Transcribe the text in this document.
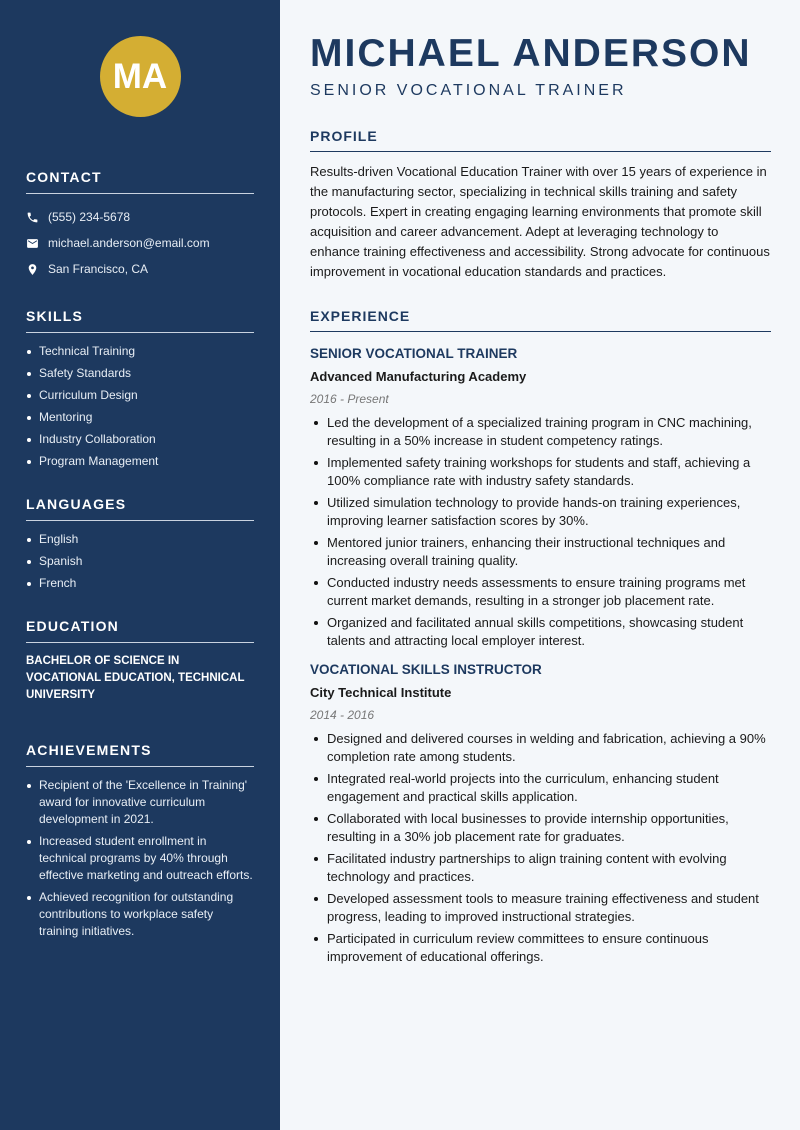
MA
CONTACT
(555) 234-5678
michael.anderson@email.com
San Francisco, CA
SKILLS
Technical Training
Safety Standards
Curriculum Design
Mentoring
Industry Collaboration
Program Management
LANGUAGES
English
Spanish
French
EDUCATION
BACHELOR OF SCIENCE IN VOCATIONAL EDUCATION, TECHNICAL UNIVERSITY
ACHIEVEMENTS
Recipient of the 'Excellence in Training' award for innovative curriculum development in 2021.
Increased student enrollment in technical programs by 40% through effective marketing and outreach efforts.
Achieved recognition for outstanding contributions to workplace safety training initiatives.
MICHAEL ANDERSON
SENIOR VOCATIONAL TRAINER
PROFILE
Results-driven Vocational Education Trainer with over 15 years of experience in the manufacturing sector, specializing in technical skills training and safety protocols. Expert in creating engaging learning environments that promote skill acquisition and career advancement. Adept at leveraging technology to enhance training effectiveness and accessibility. Strong advocate for continuous improvement in vocational education standards and practices.
EXPERIENCE
SENIOR VOCATIONAL TRAINER
Advanced Manufacturing Academy
2016 - Present
Led the development of a specialized training program in CNC machining, resulting in a 50% increase in student competency ratings.
Implemented safety training workshops for students and staff, achieving a 100% compliance rate with industry safety standards.
Utilized simulation technology to provide hands-on training experiences, improving learner satisfaction scores by 30%.
Mentored junior trainers, enhancing their instructional techniques and increasing overall training quality.
Conducted industry needs assessments to ensure training programs met current market demands, resulting in a stronger job placement rate.
Organized and facilitated annual skills competitions, showcasing student talents and attracting local employer interest.
VOCATIONAL SKILLS INSTRUCTOR
City Technical Institute
2014 - 2016
Designed and delivered courses in welding and fabrication, achieving a 90% completion rate among students.
Integrated real-world projects into the curriculum, enhancing student engagement and practical skills application.
Collaborated with local businesses to provide internship opportunities, resulting in a 30% job placement rate for graduates.
Facilitated industry partnerships to align training content with evolving technology and practices.
Developed assessment tools to measure training effectiveness and student progress, leading to improved instructional strategies.
Participated in curriculum review committees to ensure continuous improvement of educational offerings.
